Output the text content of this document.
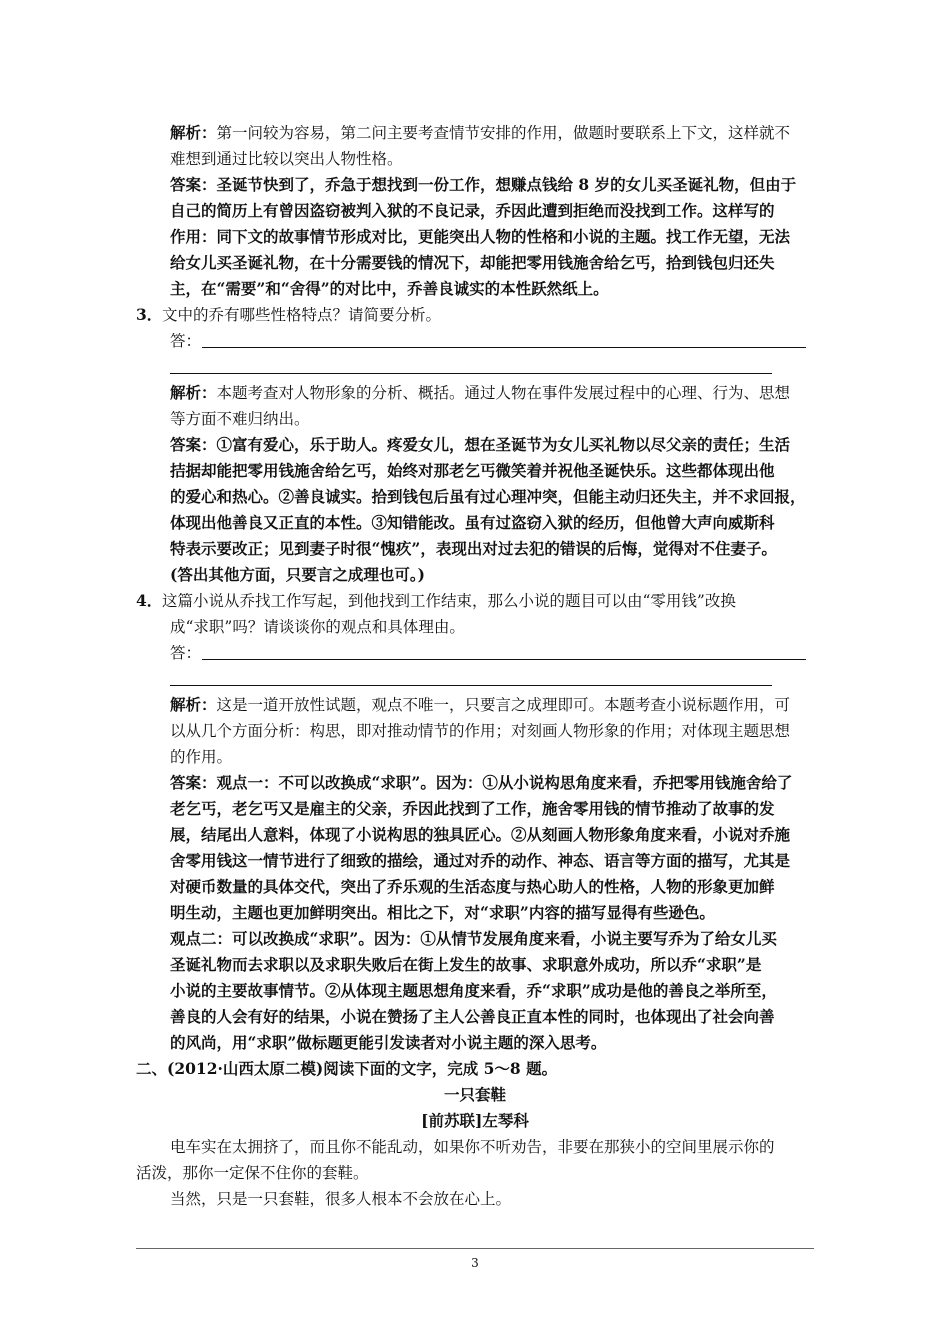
解析：第一问较为容易，第二问主要考查情节安排的作用，做题时要联系上下文，这样就不
难想到通过比较以突出人物性格。
答案：圣诞节快到了，乔急于想找到一份工作，想赚点钱给 8 岁的女儿买圣诞礼物，但由于
自己的简历上有曾因盗窃被判入狱的不良记录，乔因此遭到拒绝而没找到工作。这样写的
作用：同下文的故事情节形成对比，更能突出人物的性格和小说的主题。找工作无望，无法
给女儿买圣诞礼物，在十分需要钱的情况下，却能把零用钱施舍给乞丐，拾到钱包归还失
主，在“需要”和“舍得”的对比中，乔善良诚实的本性跃然纸上。
3． 文中的乔有哪些性格特点？请简要分析。
答：
解析：本题考查对人物形象的分析、概括。通过人物在事件发展过程中的心理、行为、思想
等方面不难归纳出。
答案：①富有爱心，乐于助人。疼爱女儿，想在圣诞节为女儿买礼物以尽父亲的责任；生活
拮据却能把零用钱施舍给乞丐，始终对那老乞丐微笑着并祝他圣诞快乐。这些都体现出他
的爱心和热心。②善良诚实。拾到钱包后虽有过心理冲突，但能主动归还失主，并不求回报，
体现出他善良又正直的本性。③知错能改。虽有过盗窃入狱的经历，但他曾大声向威斯科
特表示要改正；见到妻子时很“愧疚”，表现出对过去犯的错误的后悔，觉得对不住妻子。
(答出其他方面，只要言之成理也可。)
4． 这篇小说从乔找工作写起，到他找到工作结束，那么小说的题目可以由“零用钱”改换
成“求职”吗？请谈谈你的观点和具体理由。
答：
解析：这是一道开放性试题，观点不唯一，只要言之成理即可。本题考查小说标题作用，可
以从几个方面分析：构思，即对推动情节的作用；对刻画人物形象的作用；对体现主题思想
的作用。
答案：观点一：不可以改换成“求职”。因为：①从小说构思角度来看，乔把零用钱施舍给了
老乞丐，老乞丐又是雇主的父亲，乔因此找到了工作，施舍零用钱的情节推动了故事的发
展，结尾出人意料，体现了小说构思的独具匠心。②从刻画人物形象角度来看，小说对乔施
舍零用钱这一情节进行了细致的描绘，通过对乔的动作、神态、语言等方面的描写，尤其是
对硬币数量的具体交代，突出了乔乐观的生活态度与热心助人的性格，人物的形象更加鲜
明生动，主题也更加鲜明突出。相比之下，对“求职”内容的描写显得有些逊色。
观点二：可以改换成“求职”。因为：①从情节发展角度来看，小说主要写乔为了给女儿买
圣诞礼物而去求职以及求职失败后在街上发生的故事、求职意外成功，所以乔“求职”是
小说的主要故事情节。②从体现主题思想角度来看，乔“求职”成功是他的善良之举所至，
善良的人会有好的结果，小说在赞扬了主人公善良正直本性的同时，也体现出了社会向善
的风尚，用“求职”做标题更能引发读者对小说主题的深入思考。
二、(2012·山西太原二模)阅读下面的文字，完成 5～8 题。
一只套鞋
[前苏联]左琴科
电车实在太拥挤了，而且你不能乱动，如果你不听劝告，非要在那狭小的空间里展示你的
活泼，那你一定保不住你的套鞋。
当然，只是一只套鞋，很多人根本不会放在心上。
3
